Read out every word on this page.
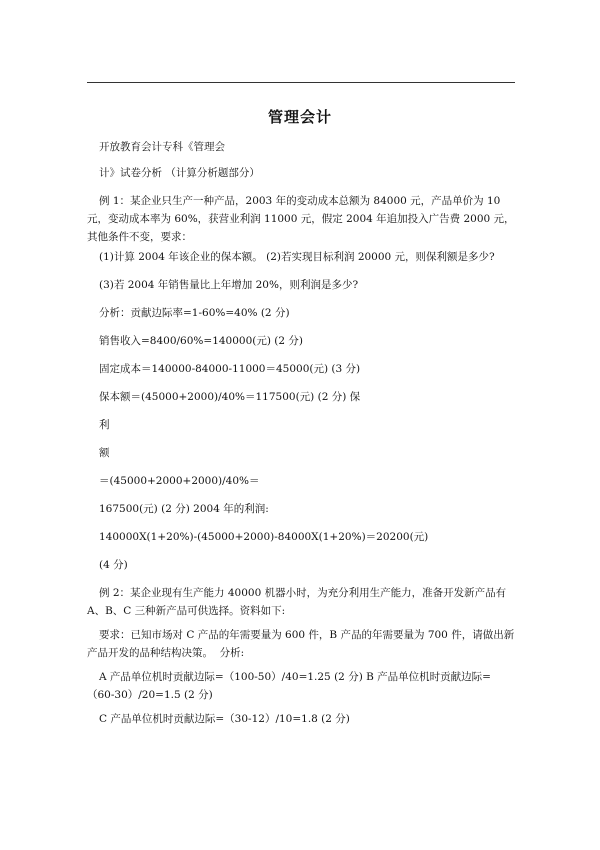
管理会计
开放教育会计专科《管理会
计》试卷分析 （计算分析题部分）
例 1：某企业只生产一种产品，2003 年的变动成本总额为 84000 元，产品单价为 10 元，变动成本率为 60%，获营业利润 11000 元，假定 2004 年追加投入广告费 2000 元，其他条件不变，要求：
(1)计算 2004 年该企业的保本额。 (2)若实现目标利润 20000 元，则保利额是多少?
(3)若 2004 年销售量比上年增加 20%，则利润是多少?
分析：贡献边际率=1-60%=40% (2 分)
销售收入=8400/60%=140000(元) (2 分)
固定成本＝140000-84000-11000＝45000(元) (3 分)
保本额＝(45000+2000)/40%＝117500(元) (2 分) 保
利
额
＝(45000+2000+2000)/40%＝
167500(元) (2 分) 2004 年的利润:
140000X(1+20%)-(45000+2000)-84000X(1+20%)＝20200(元)
(4 分)
例 2：某企业现有生产能力 40000 机器小时，为充分利用生产能力，准备开发新产品有 A、B、C 三种新产品可供选择。资料如下:
要求：已知市场对 C 产品的年需要量为 600 件，B 产品的年需要量为 700 件，请做出新产品开发的品种结构决策。  分析:
A 产品单位机时贡献边际=（100-50）/40=1.25 (2 分) B 产品单位机时贡献边际=（60-30）/20=1.5 (2 分)
C 产品单位机时贡献边际=（30-12）/10=1.8 (2 分)
